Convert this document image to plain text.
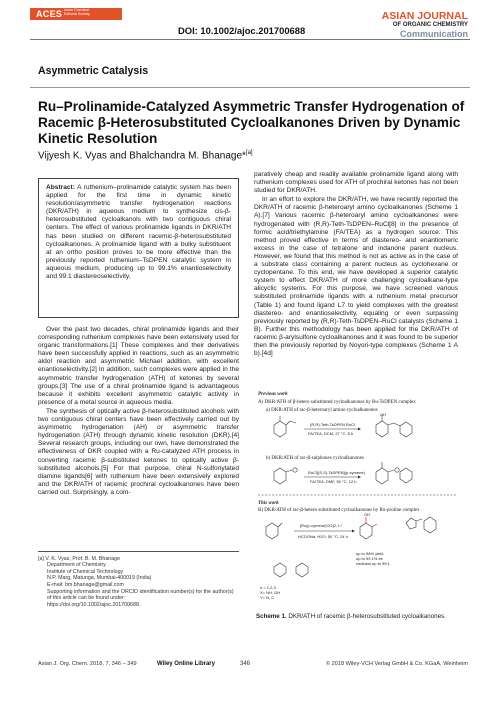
ACES Asian Chemical
Editorial Society
DOI: 10.1002/ajoc.201700688
ASIAN JOURNAL
OF ORGANIC CHEMISTRY
Communication
Asymmetric Catalysis
Ru–Prolinamide-Catalyzed Asymmetric Transfer Hydrogenation of Racemic β-Heterosubstituted Cycloalkanones Driven by Dynamic Kinetic Resolution
Vijyesh K. Vyas and Bhalchandra M. Bhanage*[a]
Abstract: A ruthenium–prolinamide catalytic system has been applied for the first time in dynamic kinetic resolution/asymmetric transfer hydrogenation reactions (DKR/ATH) in aqueous medium to synthesize cis-β-heterosubstituted cycloalkanols with two contiguous chiral centers. The effect of various prolinamide ligands in DKR/ATH has been studied on different racemic-β-heterosubstituted cycloalkanones. A prolinamide ligand with a bulky substituent at an ortho position proves to be more effective than the previously reported ruthenium–TsDPEN catalytic system in aqueous medium, producing up to 99.1% enantioselectivity and 99:1 diastereoselectivity.

Over the past two decades, chiral prolinamide ligands and their corresponding ruthenium complexes have been extensively used for organic transformations.[1] These complexes and their derivatives have been successfully applied in reactions, such as an asymmetric aldol reaction and asymmetric Michael addition, with excellent enantioselectivity.[2] In addition, such complexes were applied in the asymmetric transfer hydrogenation (ATH) of ketones by several groups.[3] The use of a chiral prolinamide ligand is advantageous because it exhibits excellent asymmetric catalytic activity in presence of a metal source in aqueous media.

The synthesis of optically active β-heterosubstituted alcohols with two contiguous chiral centers have been effectively carried out by asymmetric hydrogenation (AH) or asymmetric transfer hydrogenation (ATH) through dynamic kinetic resolution (DKR).[4] Several research groups, including our own, have demonstrated the effectiveness of DKR coupled with a Ru-catalyzed ATH process in converting racemic β-substituted ketones to optically active β-substituted alcohols.[5] For that purpose, chiral N-sulfonylated diamine ligands[6] with ruthenium have been extensively explored and the DKR/ATH of racemic prochiral cycloalkanones have been carried out. Surprisingly, a com-

paratively cheap and readily available prolinamide ligand along with ruthenium complexes used for ATH of prochiral ketones has not been studied for DKR/ATH.

In an effort to explore the DKR/ATH, we have recently reported the DKR/ATH of racemic β-heteroaryl amino cycloalkanones (Scheme 1 A).[7] Various racemic β-heteroaryl amino cycloalkanones were hydrogenated with (R,R)-Teth-TsDPEN–RuCl[8] in the presence of formic acid/triethylamine (FA/TEA) as a hydrogen source. This method proved effective in terms of diastereo- and enantiomeric excess in the case of tetralone and indanone parent nucleus. However, we found that this method is not as active as in the case of a substrate class containing a parent nucleus as cyclohexane or cyclopentane. To this end, we have developed a superior catalytic system to effect DKR/ATH of more challenging cycloalkane-type alicyclic systems. For this purpose, we have screened various substituted prolinamide ligands with a ruthenium metal precursor (Table 1) and found ligand L7 to yield complexes with the greatest diastereo- and enantioselectivity, equaling or even surpassing previously reported by (R,R)-Teth-TsDPEN–RuCl catalysts (Scheme 1 B). Further this methodology has been applied for the DKR/ATH of racemic β-arylsulfone cycloalkanones and it was found to be superior then the previously reported by Noyori-type complexes (Scheme 1 A b).[4d]

[a] V. K. Vyas, Prof. B. M. Bhanage
Department of Chemistry
Institute of Chemical Technology
N.P. Marg, Matunga, Mumbai-400019 (India)
E-mail: bm.bhanage@gmail.com
Supporting information and the ORCID identification number(s) for the author(s) of this article can be found under:
https://doi.org/10.1002/ajoc.201700688.
Previous work
A) DKR/ATH of β-hetero substituted cycloalkanones by Ru-TsDPEN complex
a) DKR/ATH of rac-β-heteroaryl amino cycloalkanones
(R,R)-Teth-TsDPEN RuCl
FA/TEA, DCM, 27 °C, 6 h
OH
b) DKR/ATH of rac-β-sulphones cycloalkanones
RuCl[(S,S)-TsDPEN](p-cymene)
FA/TEA, DMF, 50 °C, 12 h
This work
B) DKR/ATH of rac-β-hetero substituted cycloalkanones by Ru-proline complex
[Ru(p-cymene)Cl2]2, L*
HCOONa, H2O, 50 °C, 24 h
OH
up to 98% yield
up to 99.1% ee
cis/trans up to 99:1
n = 1,2,3
X= NH, OH
Y= N, C
Scheme 1. DKR/ATH of racemic β-heterosubstituted cycloalkanones.
Asian J. Org. Chem. 2018, 7, 346 – 349	Wiley Online Library	346	© 2018 Wiley-VCH Verlag GmbH & Co. KGaA, Weinheim
